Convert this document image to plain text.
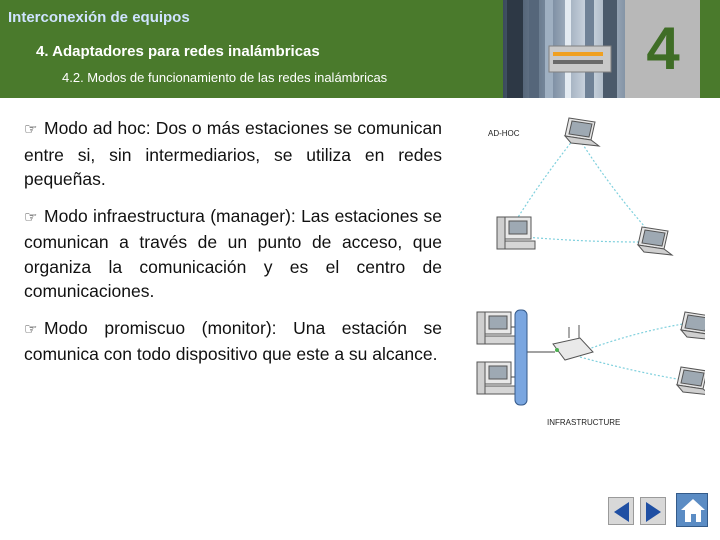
Interconexión de equipos
4. Adaptadores para redes inalámbricas
4.2. Modos de funcionamiento de las redes inalámbricas	4

☞ Modo ad hoc: Dos o más estaciones se comunican entre si, sin intermediarios, se utiliza en redes pequeñas.

☞ Modo infraestructura (manager): Las estaciones se comunican a través de un punto de acceso, que organiza la comunicación y es el centro de comunicaciones.

☞ Modo promiscuo (monitor): Una estación se comunica con todo dispositivo que este a su alcance.

AD-HOC
INFRASTRUCTURE
